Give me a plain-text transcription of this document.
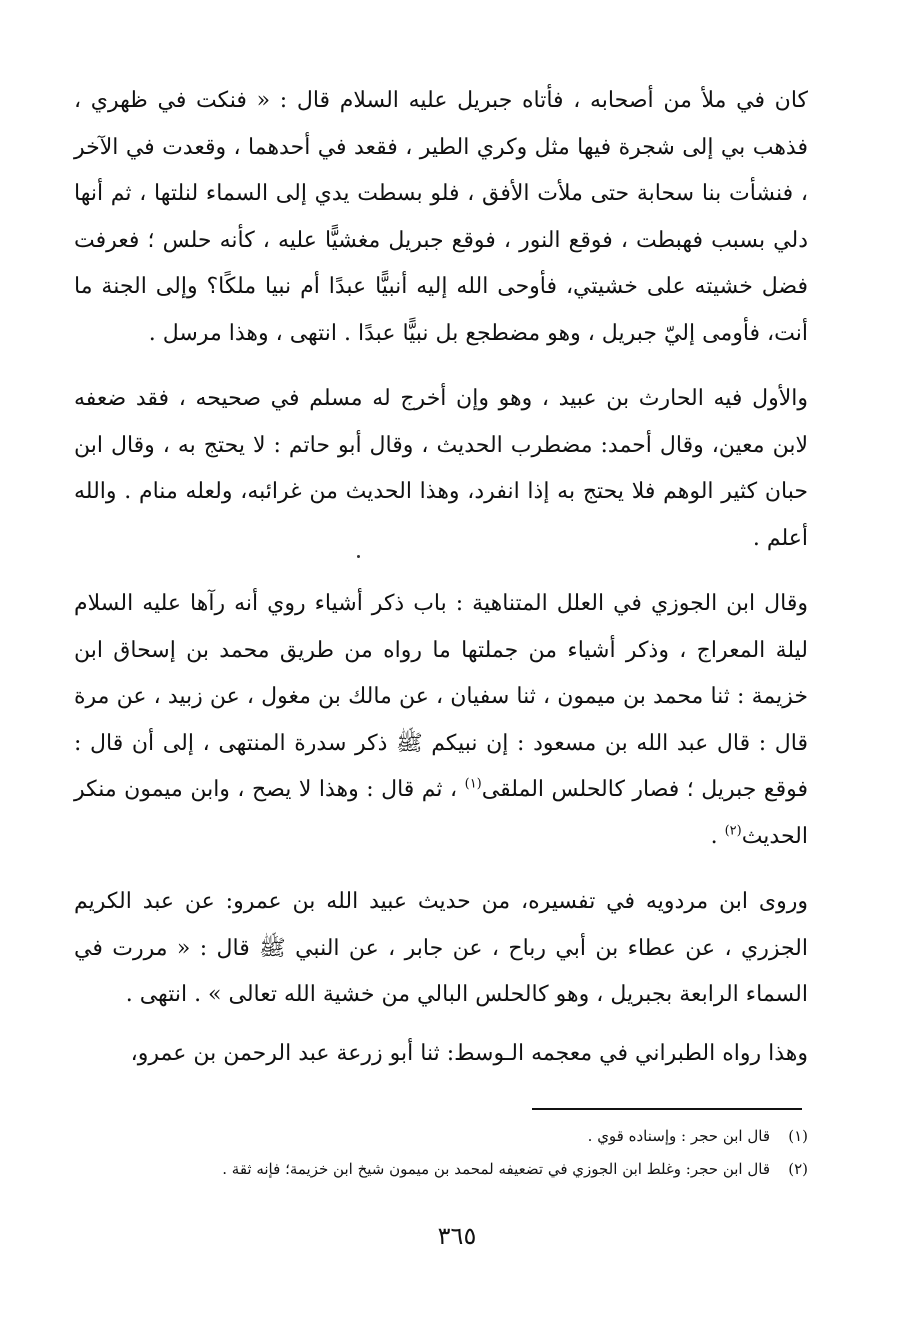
كان في ملأ من أصحابه ، فأتاه جبريل عليه السلام قال : « فنكت في ظهري ، فذهب بي إلى شجرة فيها مثل وكري الطير ، فقعد في أحدهما ، وقعدت في الآخر ، فنشأت بنا سحابة حتى ملأت الأفق ، فلو بسطت يدي إلى السماء لنلتها ، ثم أنها دلي بسبب فهبطت ، فوقع النور ، فوقع جبريل مغشيًّا عليه ، كأنه حلس ؛ فعرفت فضل خشيته على خشيتي، فأوحى الله إليه أنبيًّا عبدًا أم نبيا ملكًا؟ وإلى الجنة ما أنت، فأومى إليّ جبريل ، وهو مضطجع بل نبيًّا عبدًا . انتهى ، وهذا مرسل .

والأول فيه الحارث بن عبيد ، وهو وإن أخرج له مسلم في صحيحه ، فقد ضعفه لابن معين، وقال أحمد: مضطرب الحديث ، وقال أبو حاتم : لا يحتج به ، وقال ابن حبان كثير الوهم فلا يحتج به إذا انفرد، وهذا الحديث من غرائبه، ولعله منام . والله أعلم .

وقال ابن الجوزي في العلل المتناهية : باب ذكر أشياء روي أنه رآها عليه السلام ليلة المعراج ، وذكر أشياء من جملتها ما رواه من طريق محمد بن إسحاق ابن خزيمة : ثنا محمد بن ميمون ، ثنا سفيان ، عن مالك بن مغول ، عن زبيد ، عن مرة قال : قال عبد الله بن مسعود : إن نبيكم ﷺ ذكر سدرة المنتهى ، إلى أن قال : فوقع جبريل ؛ فصار كالحلس الملقى$^{(١)}$ ، ثم قال : وهذا لا يصح ، وابن ميمون منكر الحديث$^{(٢)}$ .

وروى ابن مردويه في تفسيره، من حديث عبيد الله بن عمرو: عن عبد الكريم الجزري ، عن عطاء بن أبي رباح ، عن جابر ، عن النبي ﷺ قال : « مررت في السماء الرابعة بجبريل ، وهو كالحلس البالي من خشية الله تعالى » . انتهى .

وهذا رواه الطبراني في معجمه الـوسط: ثنا أبو زرعة عبد الرحمن بن عمرو،

(١)قال ابن حجر : وإسناده قوي .

(٢)قال ابن حجر: وغلط ابن الجوزي في تضعيفه لمحمد بن ميمون شيخ ابن خزيمة؛ فإنه ثقة .

٣٦٥
